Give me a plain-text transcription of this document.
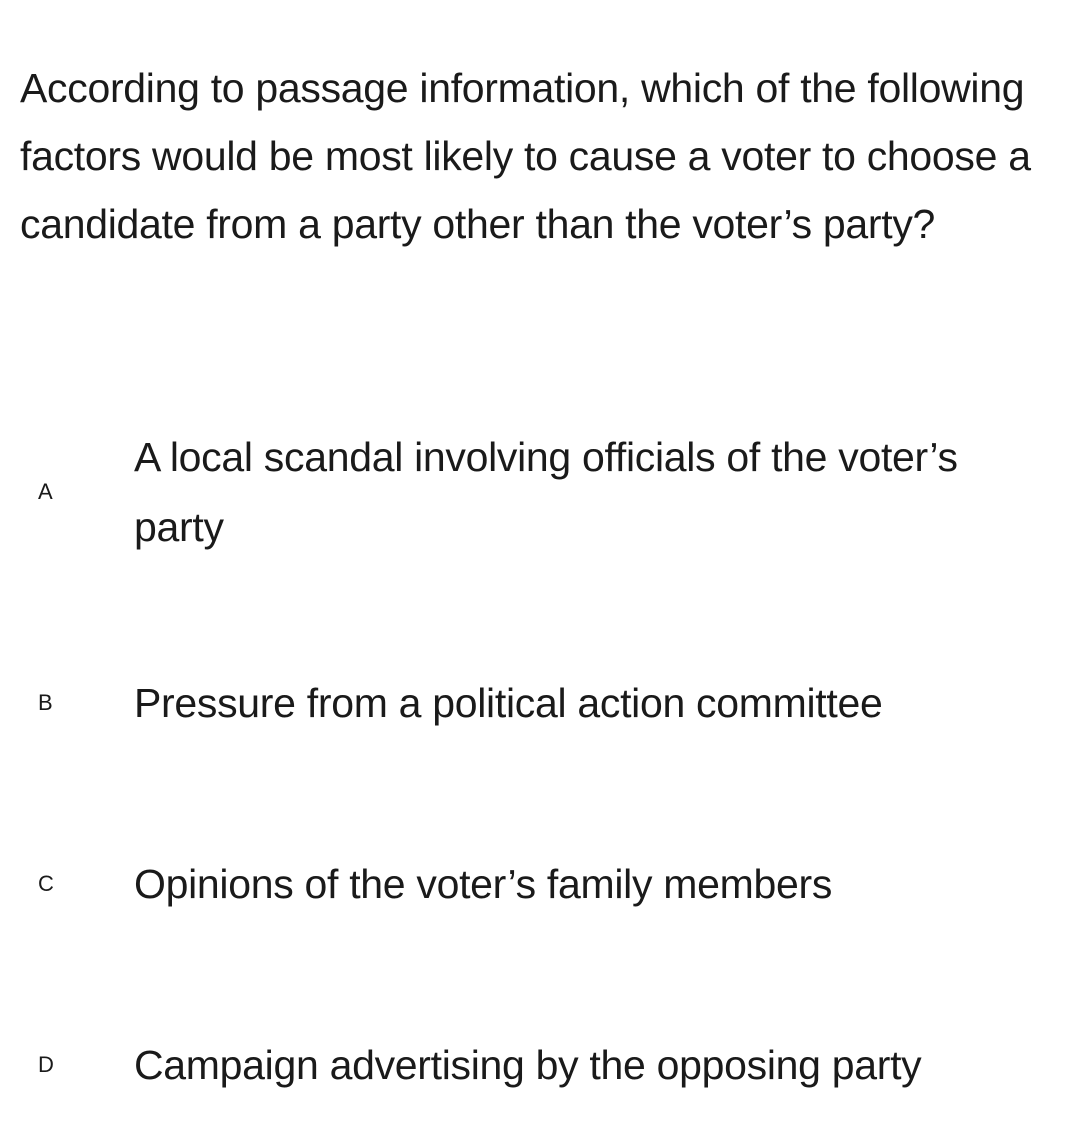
According to passage information, which of the following factors would be most likely to cause a voter to choose a candidate from a party other than the voter’s party?

A
A local scandal involving officials of the voter’s party
B Pressure from a political action committee
C Opinions of the voter’s family members
D Campaign advertising by the opposing party
